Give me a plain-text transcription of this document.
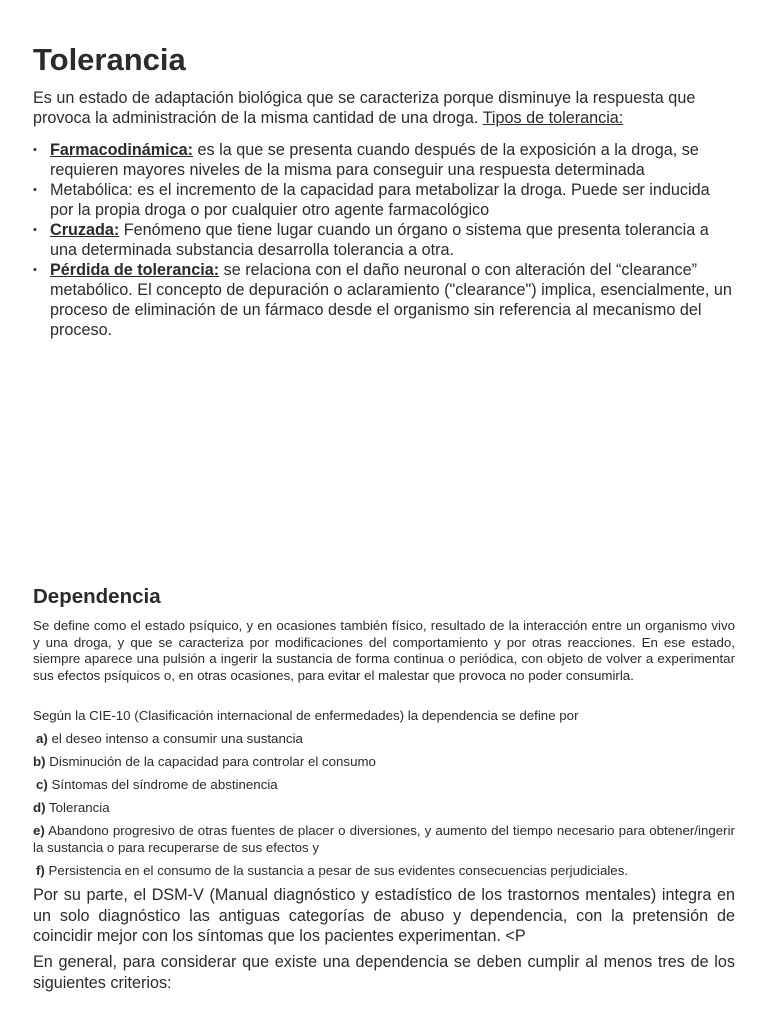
Tolerancia

Es un estado de adaptación biológica que se caracteriza porque disminuye la respuesta que provoca la administración de la misma cantidad de una droga. Tipos de tolerancia:

• Farmacodinámica: es la que se presenta cuando después de la exposición a la droga, se requieren mayores niveles de la misma para conseguir una respuesta determinada
• Metabólica: es el incremento de la capacidad para metabolizar la droga. Puede ser inducida por la propia droga o por cualquier otro agente farmacológico
• Cruzada: Fenómeno que tiene lugar cuando un órgano o sistema que presenta tolerancia a una determinada substancia desarrolla tolerancia a otra.
• Pérdida de tolerancia: se relaciona con el daño neuronal o con alteración del “clearance” metabólico. El concepto de depuración o aclaramiento ("clearance") implica, esencialmente, un proceso de eliminación de un fármaco desde el organismo sin referencia al mecanismo del proceso.
Dependencia

Se define como el estado psíquico, y en ocasiones también físico, resultado de la interacción entre un organismo vivo y una droga, y que se caracteriza por modificaciones del comportamiento y por otras reacciones. En ese estado, siempre aparece una pulsión a ingerir la sustancia de forma continua o periódica, con objeto de volver a experimentar sus efectos psíquicos o, en otras ocasiones, para evitar el malestar que provoca no poder consumirla.

Según la CIE-10 (Clasificación internacional de enfermedades) la dependencia se define por

a) el deseo intenso a consumir una sustancia

b) Disminución de la capacidad para controlar el consumo

c) Síntomas del síndrome de abstinencia

d) Tolerancia

e) Abandono progresivo de otras fuentes de placer o diversiones, y aumento del tiempo necesario para obtener/ingerir la sustancia o para recuperarse de sus efectos y

f) Persistencia en el consumo de la sustancia a pesar de sus evidentes consecuencias perjudiciales.

Por su parte, el DSM-V (Manual diagnóstico y estadístico de los trastornos mentales) integra en un solo diagnóstico las antiguas categorías de abuso y dependencia, con la pretensión de coincidir mejor con los síntomas que los pacientes experimentan. <P

En general, para considerar que existe una dependencia se deben cumplir al menos tres de los siguientes criterios:
